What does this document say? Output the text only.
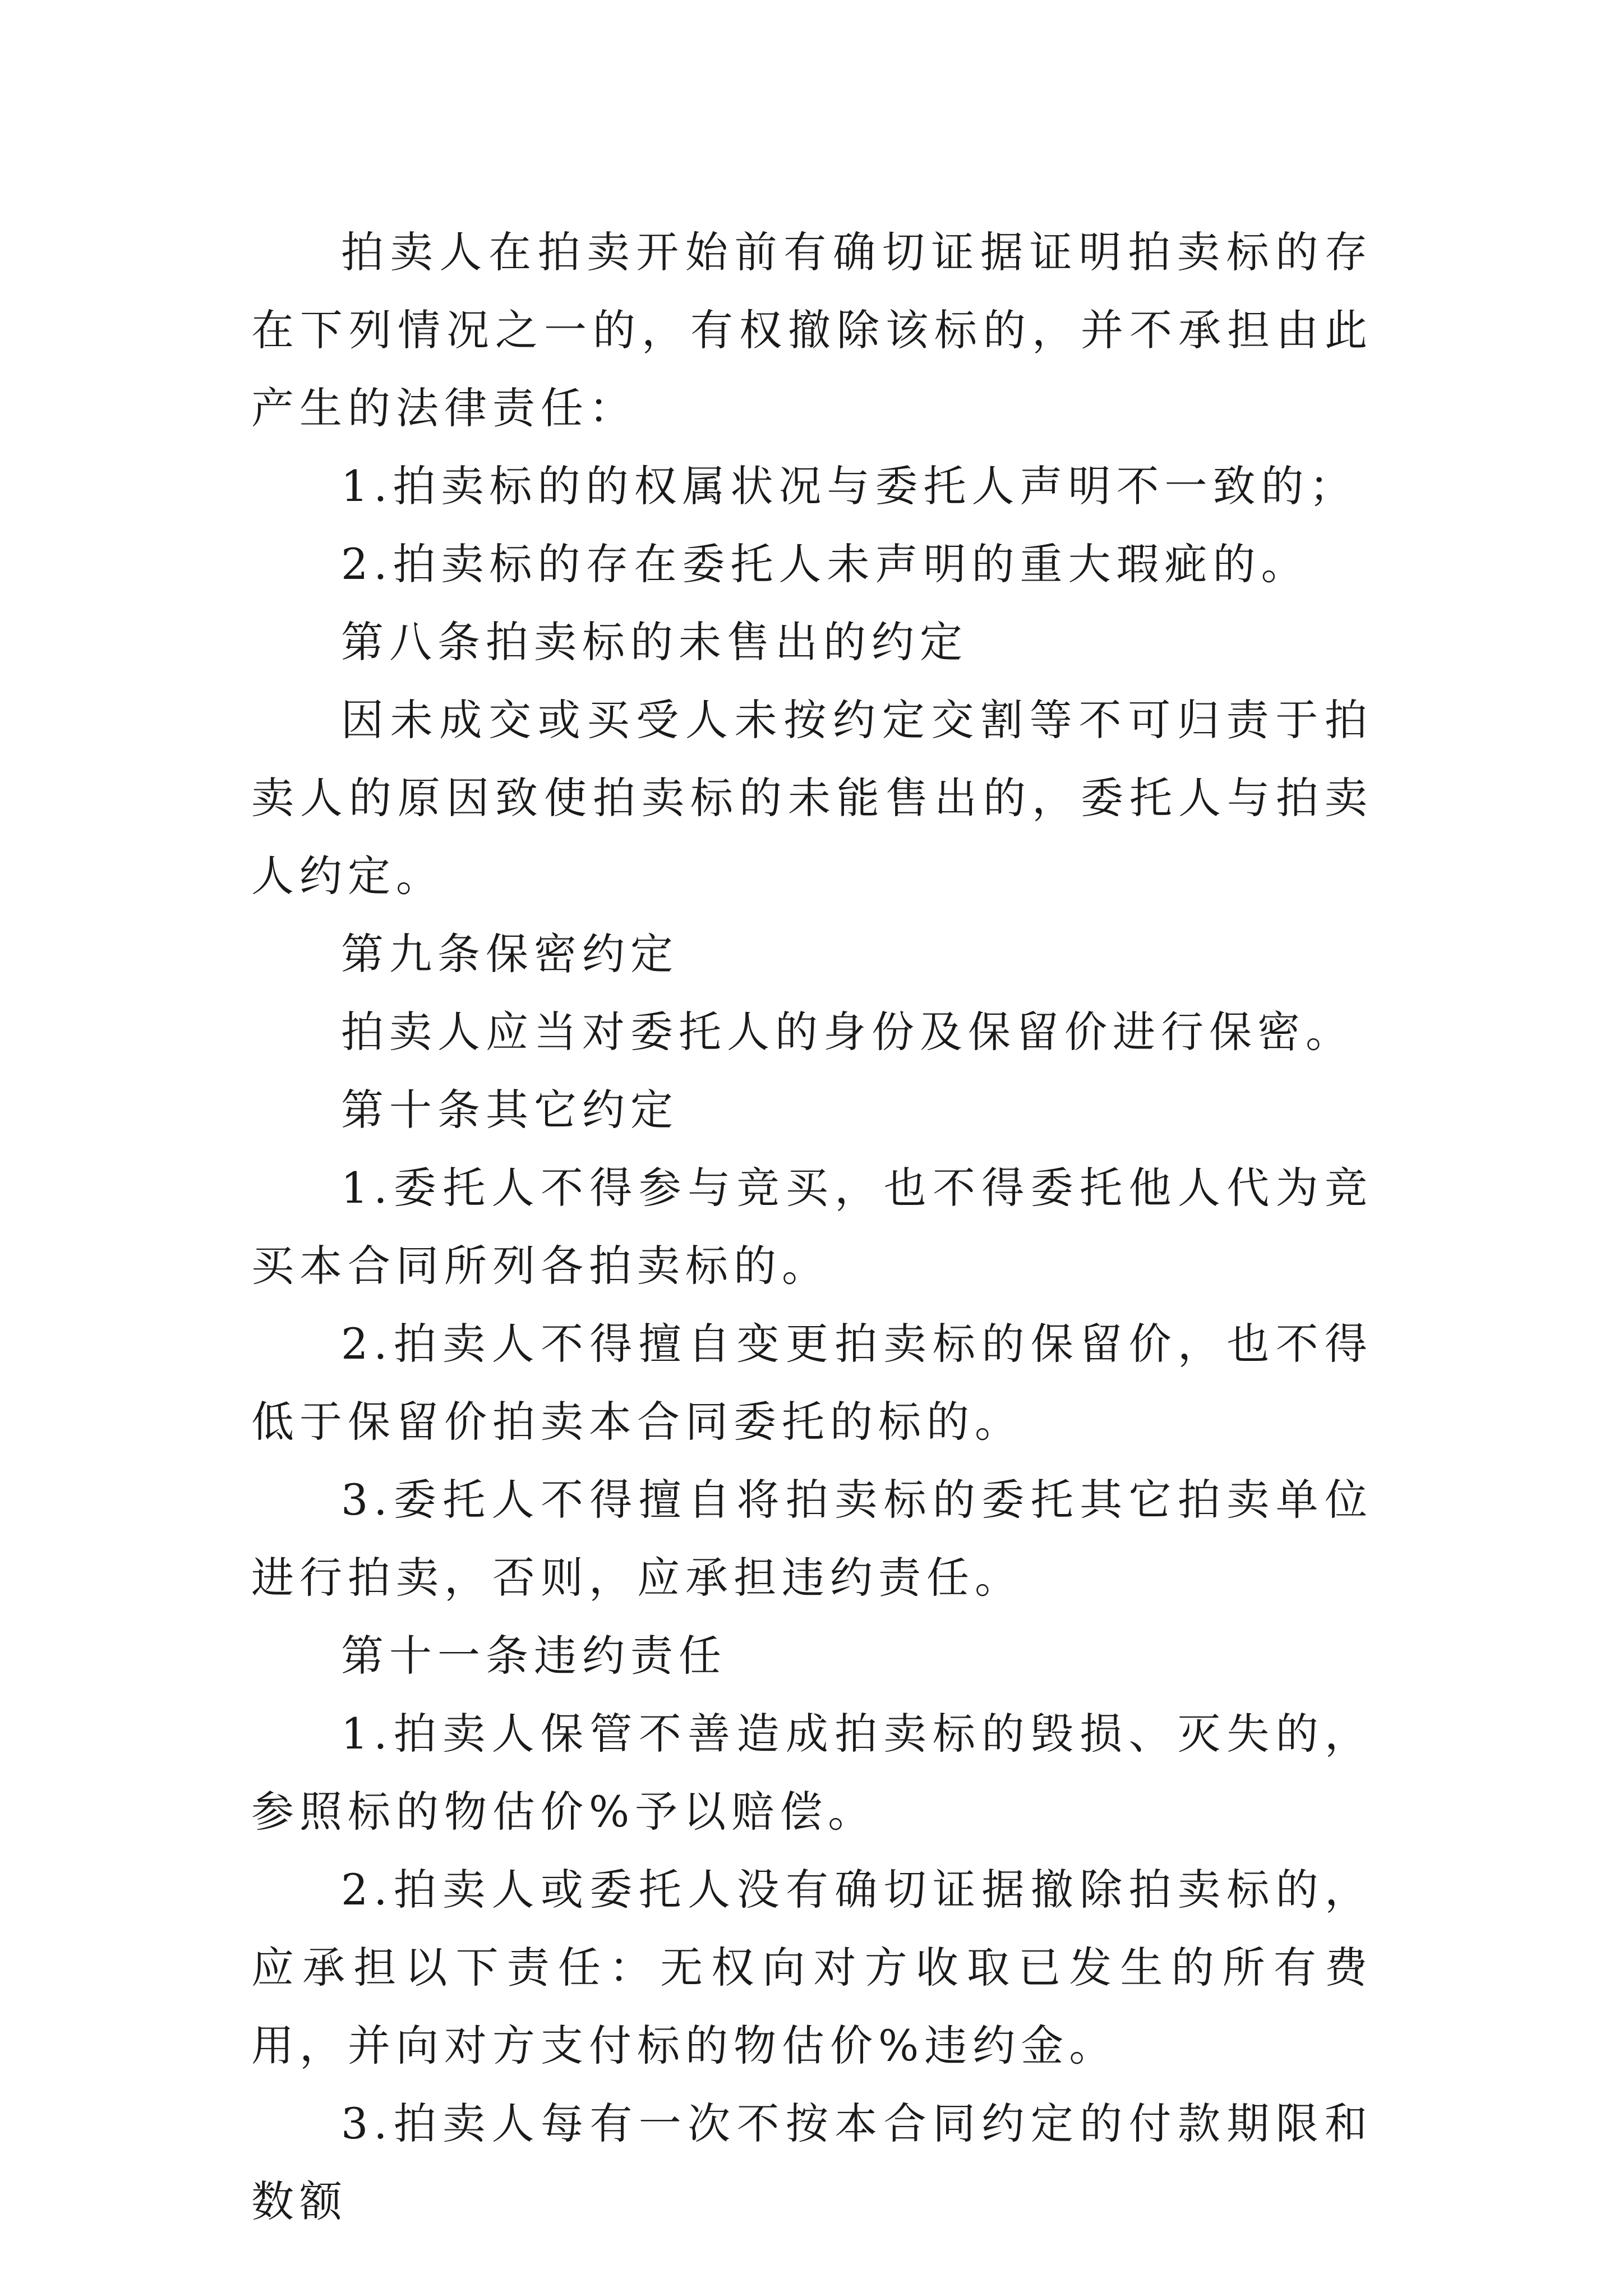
拍卖人在拍卖开始前有确切证据证明拍卖标的存在下列情况之一的，有权撤除该标的，并不承担由此产生的法律责任：

1.拍卖标的的权属状况与委托人声明不一致的；

2.拍卖标的存在委托人未声明的重大瑕疵的。

第八条拍卖标的未售出的约定

因未成交或买受人未按约定交割等不可归责于拍卖人的原因致使拍卖标的未能售出的，委托人与拍卖人约定。

第九条保密约定

拍卖人应当对委托人的身份及保留价进行保密。

第十条其它约定

1.委托人不得参与竞买，也不得委托他人代为竞买本合同所列各拍卖标的。

2.拍卖人不得擅自变更拍卖标的保留价，也不得低于保留价拍卖本合同委托的标的。

3.委托人不得擅自将拍卖标的委托其它拍卖单位进行拍卖，否则，应承担违约责任。

第十一条违约责任

1.拍卖人保管不善造成拍卖标的毁损、灭失的，参照标的物估价%予以赔偿。

2.拍卖人或委托人没有确切证据撤除拍卖标的，应承担以下责任：无权向对方收取已发生的所有费用，并向对方支付标的物估价%违约金。

3.拍卖人每有一次不按本合同约定的付款期限和数额
